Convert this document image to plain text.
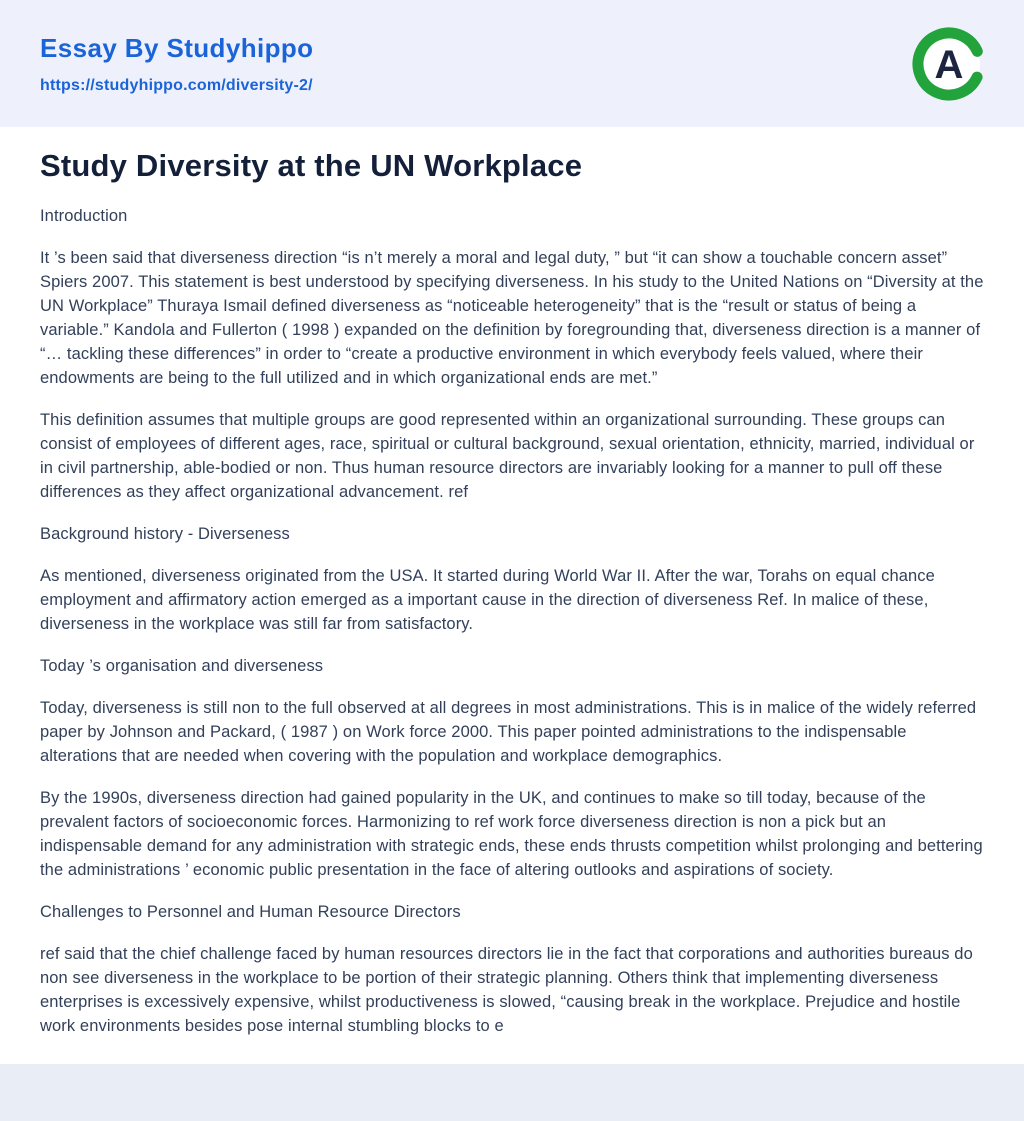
Essay By Studyhippo
https://studyhippo.com/diversity-2/	A
Study Diversity at the UN Workplace

Introduction

It ’s been said that diverseness direction “is n’t merely a moral and legal duty, ” but “it can show a touchable concern asset” Spiers 2007. This statement is best understood by specifying diverseness. In his study to the United Nations on “Diversity at the UN Workplace” Thuraya Ismail defined diverseness as “noticeable heterogeneity” that is the “result or status of being a variable.” Kandola and Fullerton ( 1998 ) expanded on the definition by foregrounding that, diverseness direction is a manner of “… tackling these differences” in order to “create a productive environment in which everybody feels valued, where their endowments are being to the full utilized and in which organizational ends are met.”

This definition assumes that multiple groups are good represented within an organizational surrounding. These groups can consist of employees of different ages, race, spiritual or cultural background, sexual orientation, ethnicity, married, individual or in civil partnership, able-bodied or non. Thus human resource directors are invariably looking for a manner to pull off these differences as they affect organizational advancement. ref

Background history - Diverseness

As mentioned, diverseness originated from the USA. It started during World War II. After the war, Torahs on equal chance employment and affirmatory action emerged as a important cause in the direction of diverseness Ref. In malice of these, diverseness in the workplace was still far from satisfactory.

Today ’s organisation and diverseness

Today, diverseness is still non to the full observed at all degrees in most administrations. This is in malice of the widely referred paper by Johnson and Packard, ( 1987 ) on Work force 2000. This paper pointed administrations to the indispensable alterations that are needed when covering with the population and workplace demographics.

By the 1990s, diverseness direction had gained popularity in the UK, and continues to make so till today, because of the prevalent factors of socioeconomic forces. Harmonizing to ref work force diverseness direction is non a pick but an indispensable demand for any administration with strategic ends, these ends thrusts competition whilst prolonging and bettering the administrations ’ economic public presentation in the face of altering outlooks and aspirations of society.

Challenges to Personnel and Human Resource Directors

ref said that the chief challenge faced by human resources directors lie in the fact that corporations and authorities bureaus do non see diverseness in the workplace to be portion of their strategic planning. Others think that implementing diverseness enterprises is excessively expensive, whilst productiveness is slowed, “causing break in the workplace. Prejudice and hostile work environments besides pose internal stumbling blocks to e
